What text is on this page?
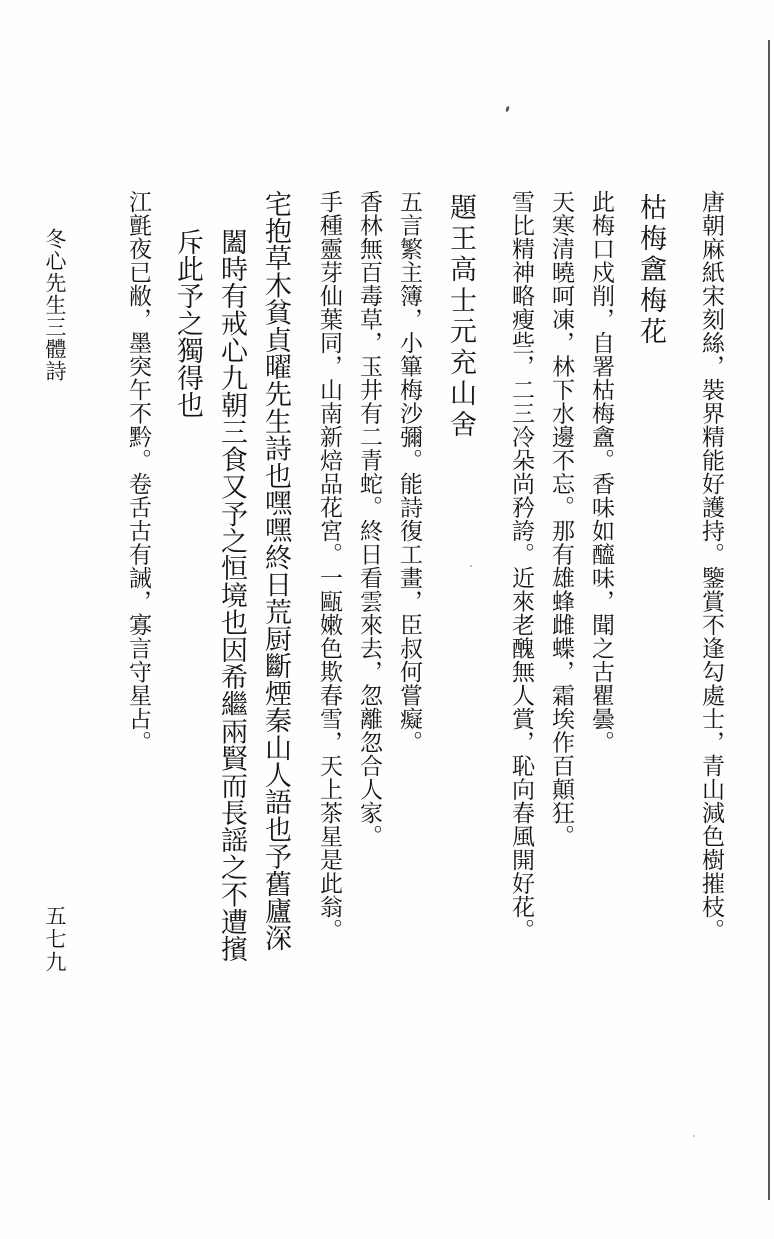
唐朝麻紙宋刻絲，裝界精能好護持。鑒賞不逢勾處士，青山減色樹摧枝。
枯梅盦梅花
此梅口戍削，自署枯梅盦。香味如醯味，聞之古瞿曇。
天寒清曉呵凍，林下水邊不忘。那有雄蜂雌蝶，霜埃作百顛狂。
雪比精神略瘦些，二三冷朵尚矜誇。近來老醜無人賞，恥向春風開好花。
題王高士元充山舍
五言繁主簿，小篳梅沙彌。能詩復工畫，臣叔何嘗癡。
香林無百毒草，玉井有二青蛇。終日看雲來去，忽離忽合人家。
手種靈芽仙葉同，山南新焙品花宮。一甌嫩色欺春雪，天上茶星是此翁。
宅抱草木貧貞曜先生詩也嘿嘿終日荒厨斷煙秦山人語也予舊廬深
闔時有戒心九朝三食又予之恒境也因希繼兩賢而長謡之不遭擯
斥此予之獨得也
江氈夜已敝，墨突午不黔。卷舌古有誡，寡言守星占。
冬心先生三體詩
五七九
